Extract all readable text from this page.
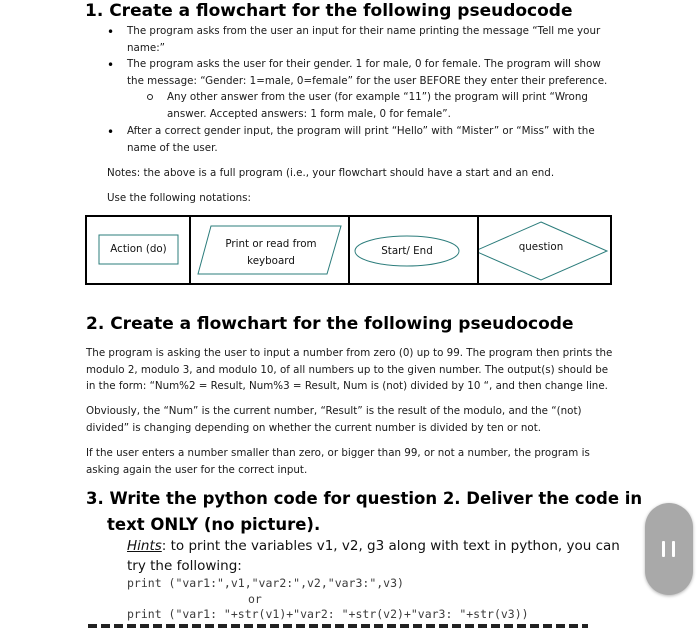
1. Create a flowchart for the following pseudocode
• The program asks from the user an input for their name printing the message “Tell me your name:”
• The program asks the user for their gender. 1 for male, 0 for female. The program will show the message: “Gender: 1=male, 0=female” for the user BEFORE they enter their preference.
Any other answer from the user (for example “11”) the program will print “Wrong answer. Accepted answers: 1 form male, 0 for female”.
• After a correct gender input, the program will print “Hello” with “Mister” or “Miss” with the name of the user.
Notes: the above is a full program (i.e., your flowchart should have a start and an end.
Use the following notations:
Action (do)	Print or read from keyboard
Start/ End	question
2. Create a flowchart for the following pseudocode
The program is asking the user to input a number from zero (0) up to 99. The program then prints the modulo 2, modulo 3, and modulo 10, of all numbers up to the given number. The output(s) should be in the form: “Num%2 = Result, Num%3 = Result, Num is (not) divided by 10 “, and then change line.
Obviously, the “Num” is the current number, “Result” is the result of the modulo, and the “(not) divided” is changing depending on whether the current number is divided by ten or not.
If the user enters a number smaller than zero, or bigger than 99, or not a number, the program is asking again the user for the correct input.
3. Write the python code for question 2. Deliver the code in text ONLY (no picture).
Hints: to print the variables v1, v2, g3 along with text in python, you can try the following:
print ("var1:",v1,"var2:",v2,"var3:",v3)
or
print ("var1: "+str(v1)+"var2: "+str(v2)+"var3: "+str(v3))
